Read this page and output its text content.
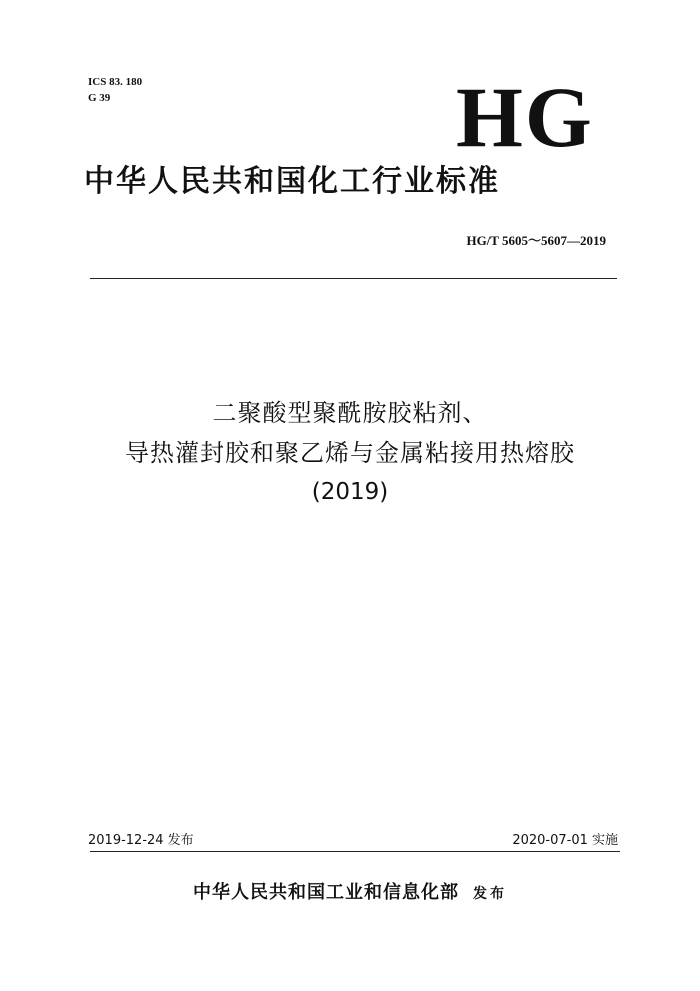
ICS 83. 180
G 39	HG
中华人民共和国化工行业标准
HG/T 5605～5607—2019
二聚酸型聚酰胺胶粘剂、
导热灌封胶和聚乙烯与金属粘接用热熔胶
(2019)
2019-12-24 发布	2020-07-01 实施
中华人民共和国工业和信息化部 发布
